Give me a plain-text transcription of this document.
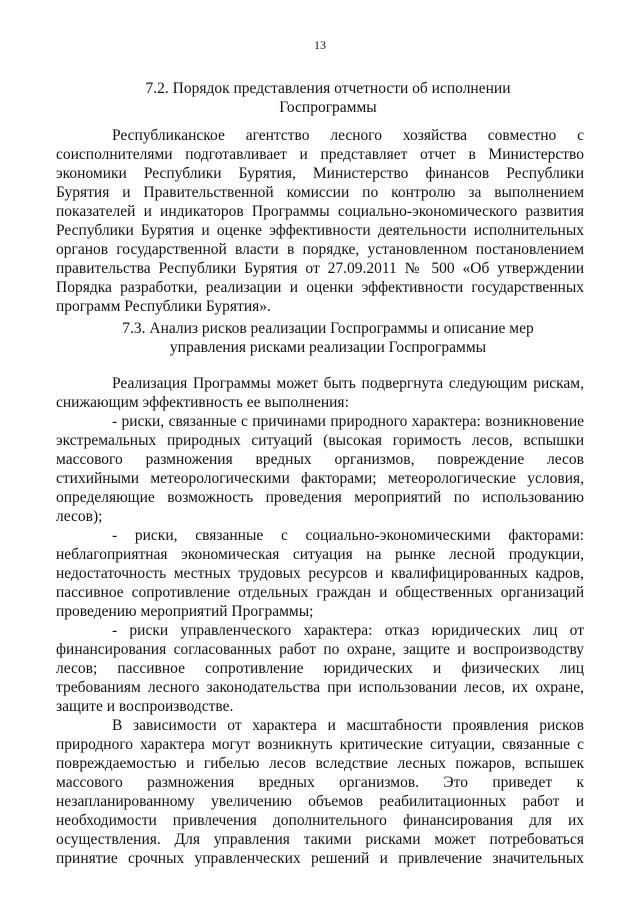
13
7.2. Порядок представления отчетности об исполнении
Госпрограммы
Республиканское агентство лесного хозяйства совместно с
соисполнителями подготавливает и представляет отчет в Министерство
экономики Республики Бурятия, Министерство финансов Республики
Бурятия и Правительственной комиссии по контролю за выполнением
показателей и индикаторов Программы социально-экономического развития
Республики Бурятия и оценке эффективности деятельности исполнительных
органов государственной власти в порядке, установленном постановлением
правительства Республики Бурятия от 27.09.2011 № 500 «Об утверждении
Порядка разработки, реализации и оценки эффективности государственных
программ Республики Бурятия».
7.3. Анализ рисков реализации Госпрограммы и описание мер
управления рисками реализации Госпрограммы
Реализация Программы может быть подвергнута следующим рискам,
снижающим эффективность ее выполнения:
- риски, связанные с причинами природного характера: возникновение
экстремальных природных ситуаций (высокая горимость лесов, вспышки
массового размножения вредных организмов, повреждение лесов
стихийными метеорологическими факторами; метеорологические условия,
определяющие возможность проведения мероприятий по использованию
лесов);
- риски, связанные с социально-экономическими факторами:
неблагоприятная экономическая ситуация на рынке лесной продукции,
недостаточность местных трудовых ресурсов и квалифицированных кадров,
пассивное сопротивление отдельных граждан и общественных организаций
проведению мероприятий Программы;
- риски управленческого характера: отказ юридических лиц от
финансирования согласованных работ по охране, защите и воспроизводству
лесов; пассивное сопротивление юридических и физических лиц
требованиям лесного законодательства при использовании лесов, их охране,
защите и воспроизводстве.
В зависимости от характера и масштабности проявления рисков
природного характера могут возникнуть критические ситуации, связанные с
повреждаемостью и гибелью лесов вследствие лесных пожаров, вспышек
массового размножения вредных организмов. Это приведет к
незапланированному увеличению объемов реабилитационных работ и
необходимости привлечения дополнительного финансирования для их
осуществления. Для управления такими рисками может потребоваться
принятие срочных управленческих решений и привлечение значительных
